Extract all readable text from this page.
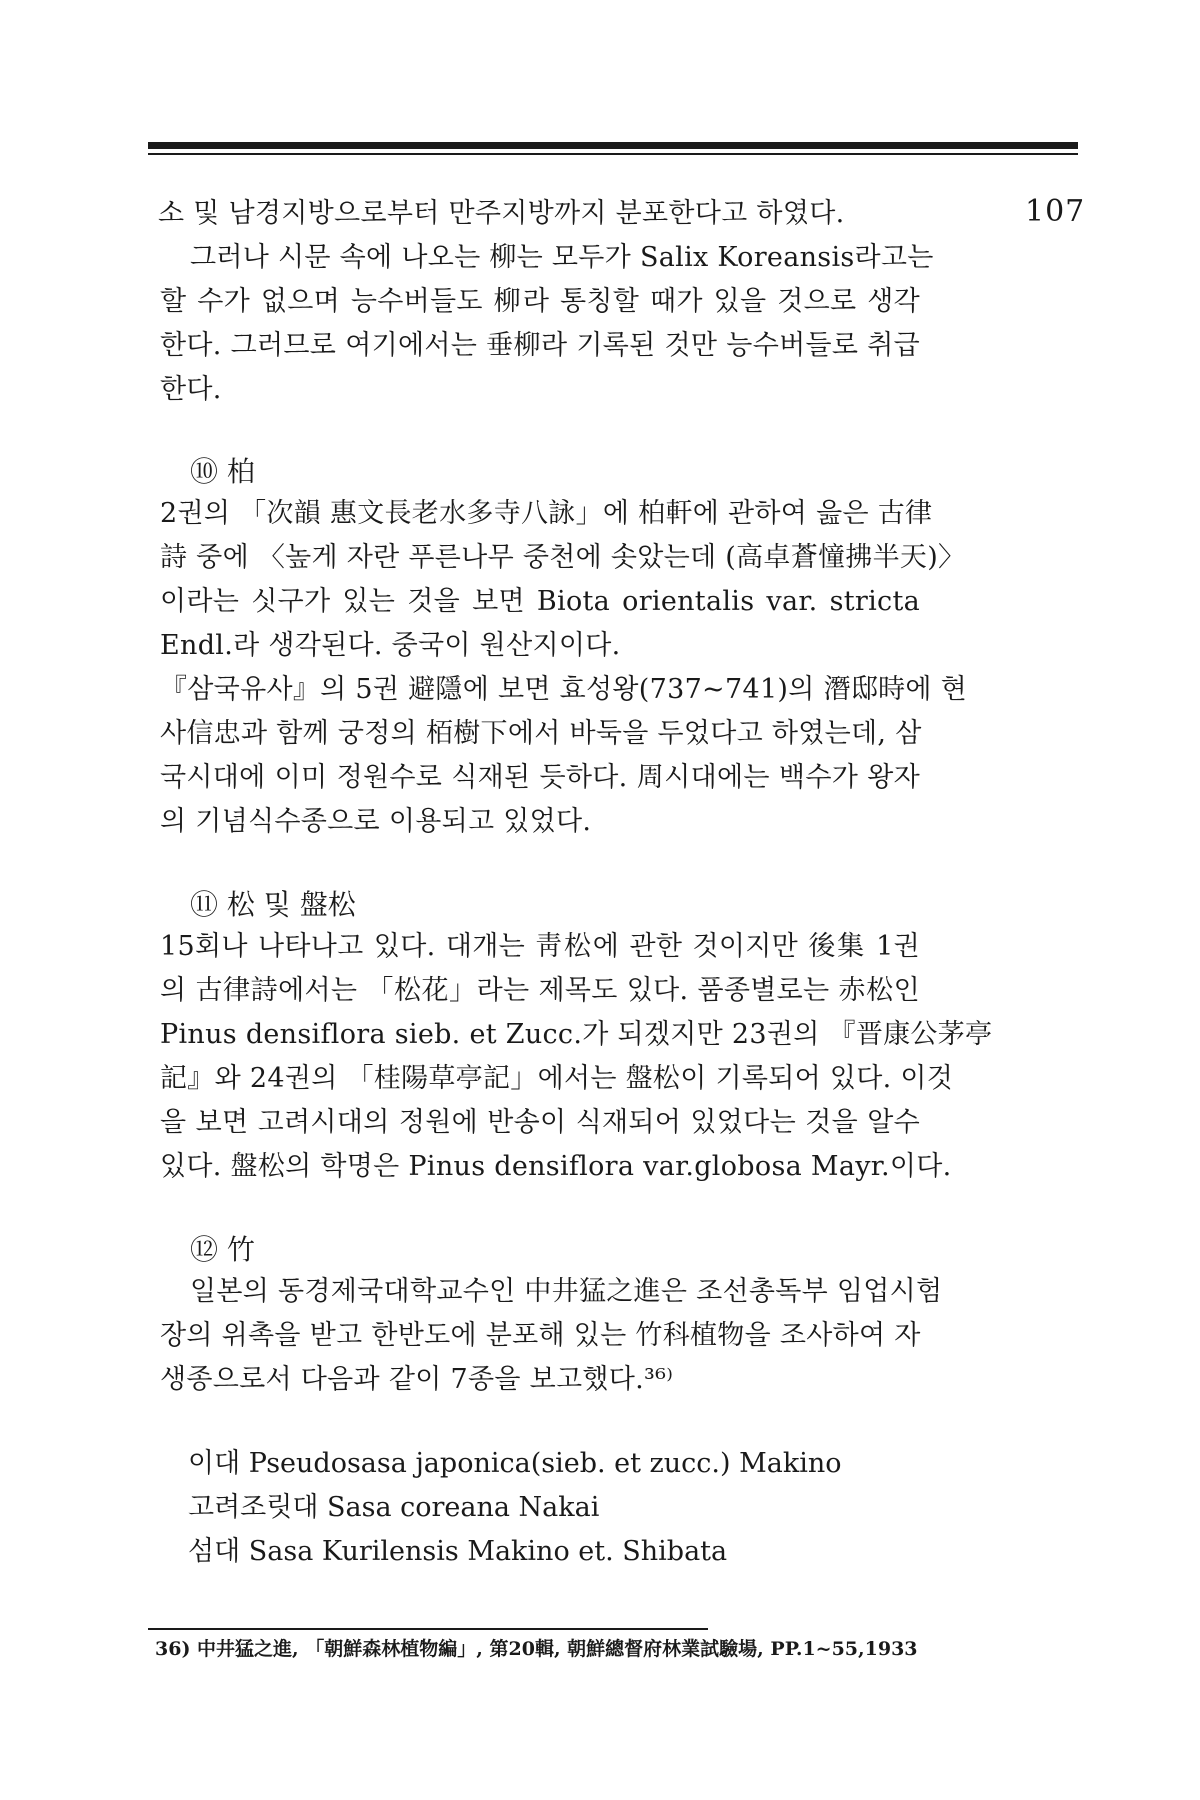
107
소 및 남경지방으로부터 만주지방까지 분포한다고 하였다.
그러나 시문 속에 나오는 柳는 모두가 Salix Koreansis라고는
할 수가 없으며 능수버들도 柳라 통칭할 때가 있을 것으로 생각
한다. 그러므로 여기에서는 垂柳라 기록된 것만 능수버들로 취급
한다.
2권의 「次韻 惠文長老水多寺八詠」에 柏軒에 관하여 읊은 古律
詩 중에 〈높게 자란 푸른나무 중천에 솟았는데 (高卓蒼憧拂半天)〉
이라는 싯구가 있는 것을 보면 Biota orientalis var. stricta
Endl.라 생각된다. 중국이 원산지이다.
『삼국유사』의 5권 避隱에 보면 효성왕(737~741)의 潛邸時에 현
사信忠과 함께 궁정의 栢樹下에서 바둑을 두었다고 하였는데, 삼
국시대에 이미 정원수로 식재된 듯하다. 周시대에는 백수가 왕자
의 기념식수종으로 이용되고 있었다.
15회나 나타나고 있다. 대개는 靑松에 관한 것이지만 後集 1권
의 古律詩에서는 「松花」라는 제목도 있다. 품종별로는 赤松인
Pinus densiflora sieb. et Zucc.가 되겠지만 23권의 『晋康公茅亭
記』와 24권의 「桂陽草亭記」에서는 盤松이 기록되어 있다. 이것
을 보면 고려시대의 정원에 반송이 식재되어 있었다는 것을 알수
있다. 盤松의 학명은 Pinus densiflora var.globosa Mayr.이다.
일본의 동경제국대학교수인 中井猛之進은 조선총독부 임업시험
장의 위촉을 받고 한반도에 분포해 있는 竹科植物을 조사하여 자
생종으로서 다음과 같이 7종을 보고했다.³⁶⁾
⑩ 柏
⑪ 松 및 盤松
⑫ 竹
이대 Pseudosasa japonica(sieb. et zucc.) Makino
고려조릿대 Sasa coreana Nakai
섬대 Sasa Kurilensis Makino et. Shibata
36) 中井猛之進, 「朝鮮森林植物編」, 第20輯, 朝鮮總督府林業試驗場, PP.1~55,1933
